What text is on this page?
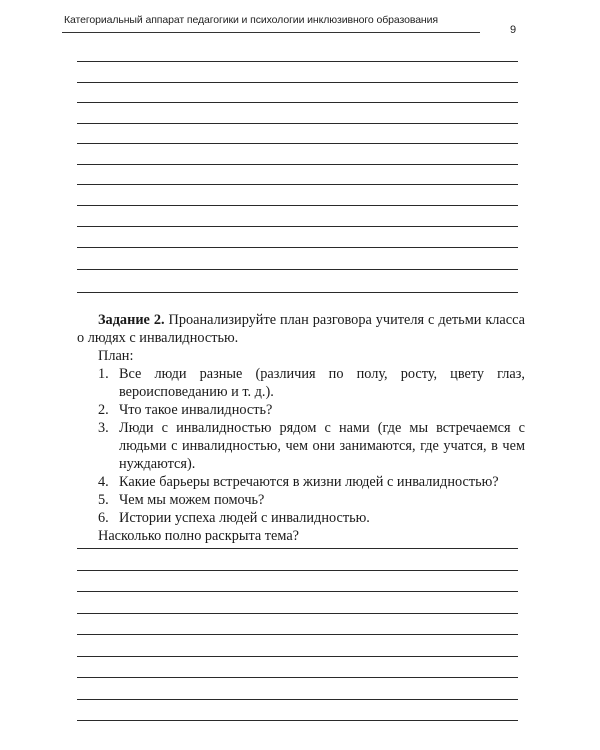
Категориальный аппарат педагогики и психологии инклюзивного образования
9

Задание 2. Проанализируйте план разговора учителя с детьми класса о людях с инвалидностью.

План:

1. Все люди разные (различия по полу, росту, цвету глаз, вероисповеданию и т. д.).
2. Что такое инвалидность?
3. Люди с инвалидностью рядом с нами (где мы встречаемся с людьми с инвалидностью, чем они занимаются, где учатся, в чем нуждаются).
4. Какие барьеры встречаются в жизни людей с инвалидностью?
5. Чем мы можем помочь?
6. Истории успеха людей с инвалидностью.

Насколько полно раскрыта тема?
